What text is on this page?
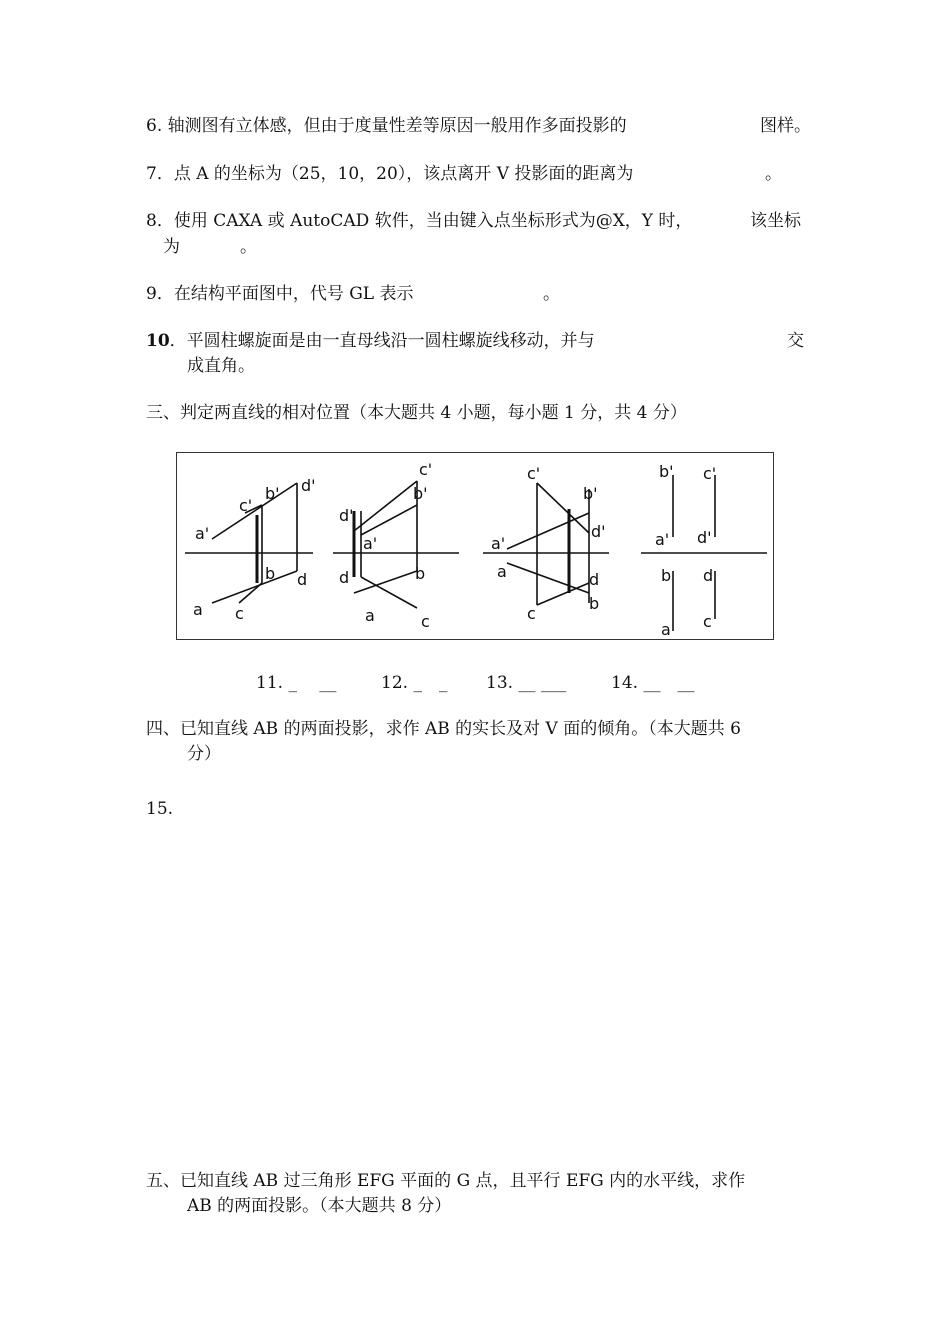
6. 轴测图有立体感，但由于度量性差等原因一般用作多面投影的	图样。
7．点 A 的坐标为（25，10，20），该点离开 V 投影面的距离为	。
8．使用 CAXA 或 AutoCAD 软件，当由键入点坐标形式为@X，Y 时，	该坐标
为	。
9．在结构平面图中，代号 GL 表示	。
10．平圆柱螺旋面是由一直母线沿一圆柱螺旋线移动，并与	交
成直角。
三、判定两直线的相对位置（本大题共 4 小题，每小题 1 分，共 4 分）
a'
c'
b' d'
b d
a c
c'
b'
d'
a'
d	b
a	c
c'
b'
d'
a'
a	d
b
c
b' c'
a' d'
b d
a c
11. _　 __	12. _　_ 13. __ ___	14. __　__
四、已知直线 AB 的两面投影，求作 AB 的实长及对 V 面的倾角。（本大题共 6
分）
15.
五、已知直线 AB 过三角形 EFG 平面的 G 点，且平行 EFG 内的水平线，求作
AB 的两面投影。（本大题共 8 分）
